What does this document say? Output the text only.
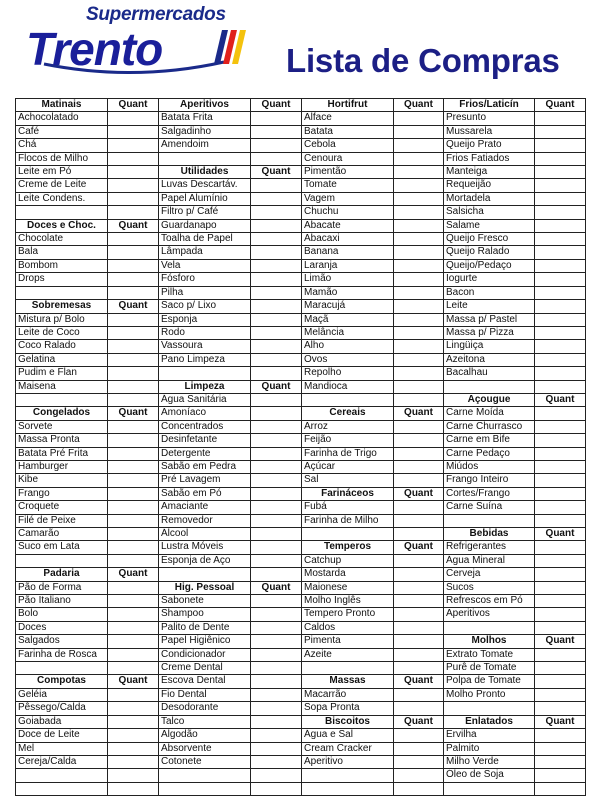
Supermercados
Trento	Lista de Compras
Matinais	Quant	Aperitivos	Quant	Hortifrut	Quant	Frios/Laticín	Quant
Achocolatado		Batata Frita		Alface		Presunto	
Café		Salgadinho		Batata		Mussarela	
Chá		Amendoim		Cebola		Queijo Prato	
Flocos de Milho				Cenoura		Frios Fatiados	
Leite em Pó		Utilidades	Quant	Pimentão		Manteiga	
Creme de Leite		Luvas Descartáv.		Tomate		Requeijão	
Leite Condens.		Papel Alumínio		Vagem		Mortadela	
		Filtro p/ Café		Chuchu		Salsicha	
Doces e Choc.	Quant	Guardanapo		Abacate		Salame	
Chocolate		Toalha de Papel		Abacaxi		Queijo Fresco	
Bala		Lâmpada		Banana		Queijo Ralado	
Bombom		Vela		Laranja		Queijo/Pedaço	
Drops		Fósforo		Limão		Iogurte	
		Pilha		Mamão		Bacon	
Sobremesas	Quant	Saco p/ Lixo		Maracujá		Leite	
Mistura p/ Bolo		Esponja		Maçã		Massa p/ Pastel	
Leite de Coco		Rodo		Melância		Massa p/ Pizza	
Coco Ralado		Vassoura		Alho		Lingüiça	
Gelatina		Pano Limpeza		Ovos		Azeitona	
Pudim e Flan				Repolho		Bacalhau	
Maisena		Limpeza	Quant	Mandioca			
		Água Sanitária				Açougue	Quant
Congelados	Quant	Amoníaco		Cereais	Quant	Carne Moída	
Sorvete		Concentrados		Arroz		Carne Churrasco	
Massa Pronta		Desinfetante		Feijão		Carne em Bife	
Batata Pré Frita		Detergente		Farinha de Trigo		Carne Pedaço	
Hamburger		Sabão em Pedra		Açúcar		Miúdos	
Kibe		Pré Lavagem		Sal		Frango Inteiro	
Frango		Sabão em Pó		Farináceos	Quant	Cortes/Frango	
Croquete		Amaciante		Fubá		Carne Suína	
Filé de Peixe		Removedor		Farinha de Milho			
Camarão		Álcool				Bebidas	Quant
Suco em Lata		Lustra Móveis		Temperos	Quant	Refrigerantes	
		Esponja de Aço		Catchup		Água Mineral	
Padaria	Quant			Mostarda		Cerveja	
Pão de Forma		Hig. Pessoal	Quant	Maionese		Sucos	
Pão Italiano		Sabonete		Molho Inglês		Refrescos em Pó	
Bolo		Shampoo		Tempero Pronto		Aperitivos	
Doces		Palito de Dente		Caldos			
Salgados		Papel Higiênico		Pimenta		Molhos	Quant
Farinha de Rosca		Condicionador		Azeite		Extrato Tomate	
		Creme Dental				Purê de Tomate	
Compotas	Quant	Escova Dental		Massas	Quant	Polpa de Tomate	
Geléia		Fio Dental		Macarrão		Molho Pronto	
Pêssego/Calda		Desodorante		Sopa Pronta			
Goiabada		Talco		Biscoitos	Quant	Enlatados	Quant
Doce de Leite		Algodão		Água e Sal		Ervilha	
Mel		Absorvente		Cream Cracker		Palmito	
Cereja/Calda		Cotonete		Aperitivo		Milho Verde	
						Óleo de Soja	
